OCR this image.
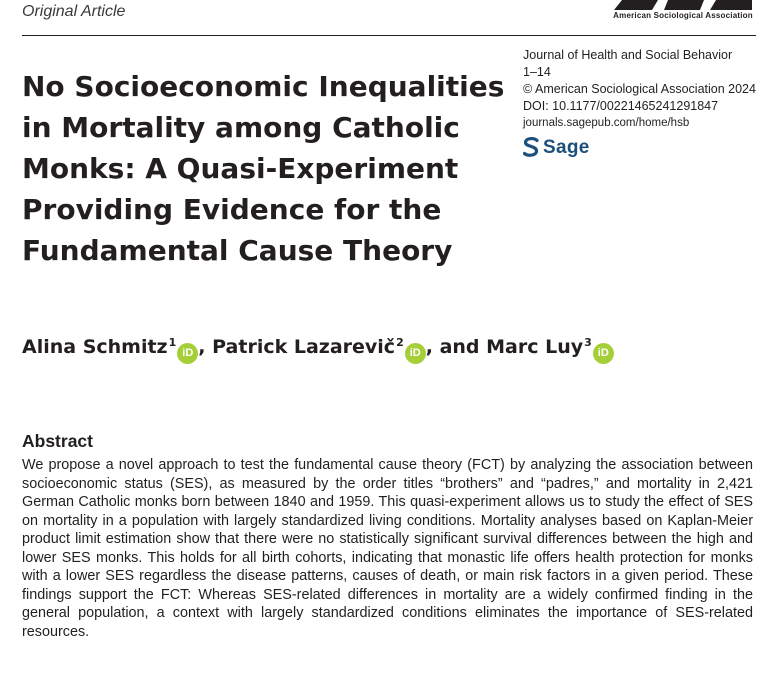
Original Article	American Sociological Association
No Socioeconomic Inequalities
in Mortality among Catholic
Monks: A Quasi-Experiment
Providing Evidence for the
Fundamental Cause Theory
Journal of Health and Social Behavior
1–14
© American Sociological Association 2024
DOI: 10.1177/00221465241291847
journals.sagepub.com/home/hsb
Sage
Alina Schmitz$^1$iD , Patrick Lazarevič$^2$iD , and Marc Luy$^3$iD
Abstract

We propose a novel approach to test the fundamental cause theory (FCT) by analyzing the association between socioeconomic status (SES), as measured by the order titles “brothers” and “padres,” and mortality in 2,421 German Catholic monks born between 1840 and 1959. This quasi-experiment allows us to study the effect of SES on mortality in a population with largely standardized living conditions. Mortality analyses based on Kaplan-Meier product limit estimation show that there were no statistically significant survival differences between the high and lower SES monks. This holds for all birth cohorts, indicating that monastic life offers health protection for monks with a lower SES regardless the disease patterns, causes of death, or main risk factors in a given period. These findings support the FCT: Whereas SES-related differences in mortality are a widely confirmed finding in the general population, a context with largely standardized conditions eliminates the importance of SES-related resources.
